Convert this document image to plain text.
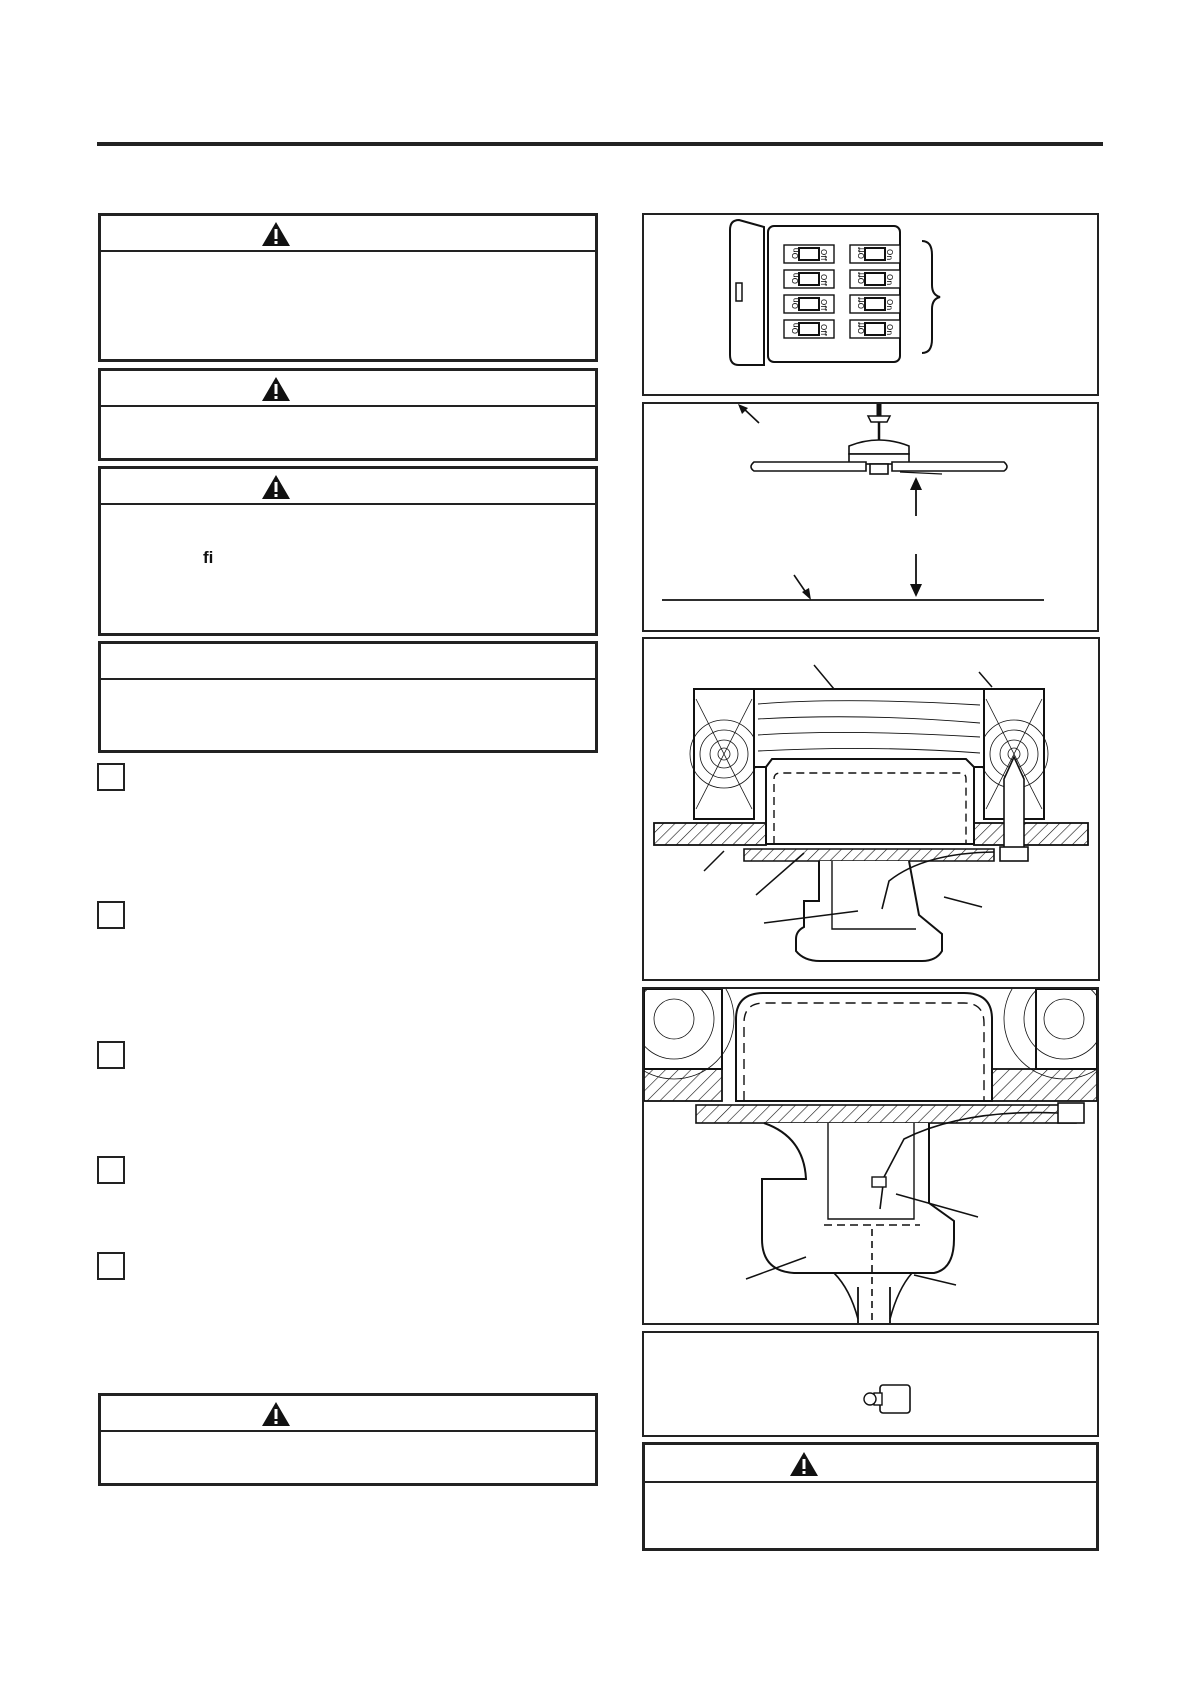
fi
On Off	Off On
On Off	Off On
On Off	Off On
On Off	Off On
